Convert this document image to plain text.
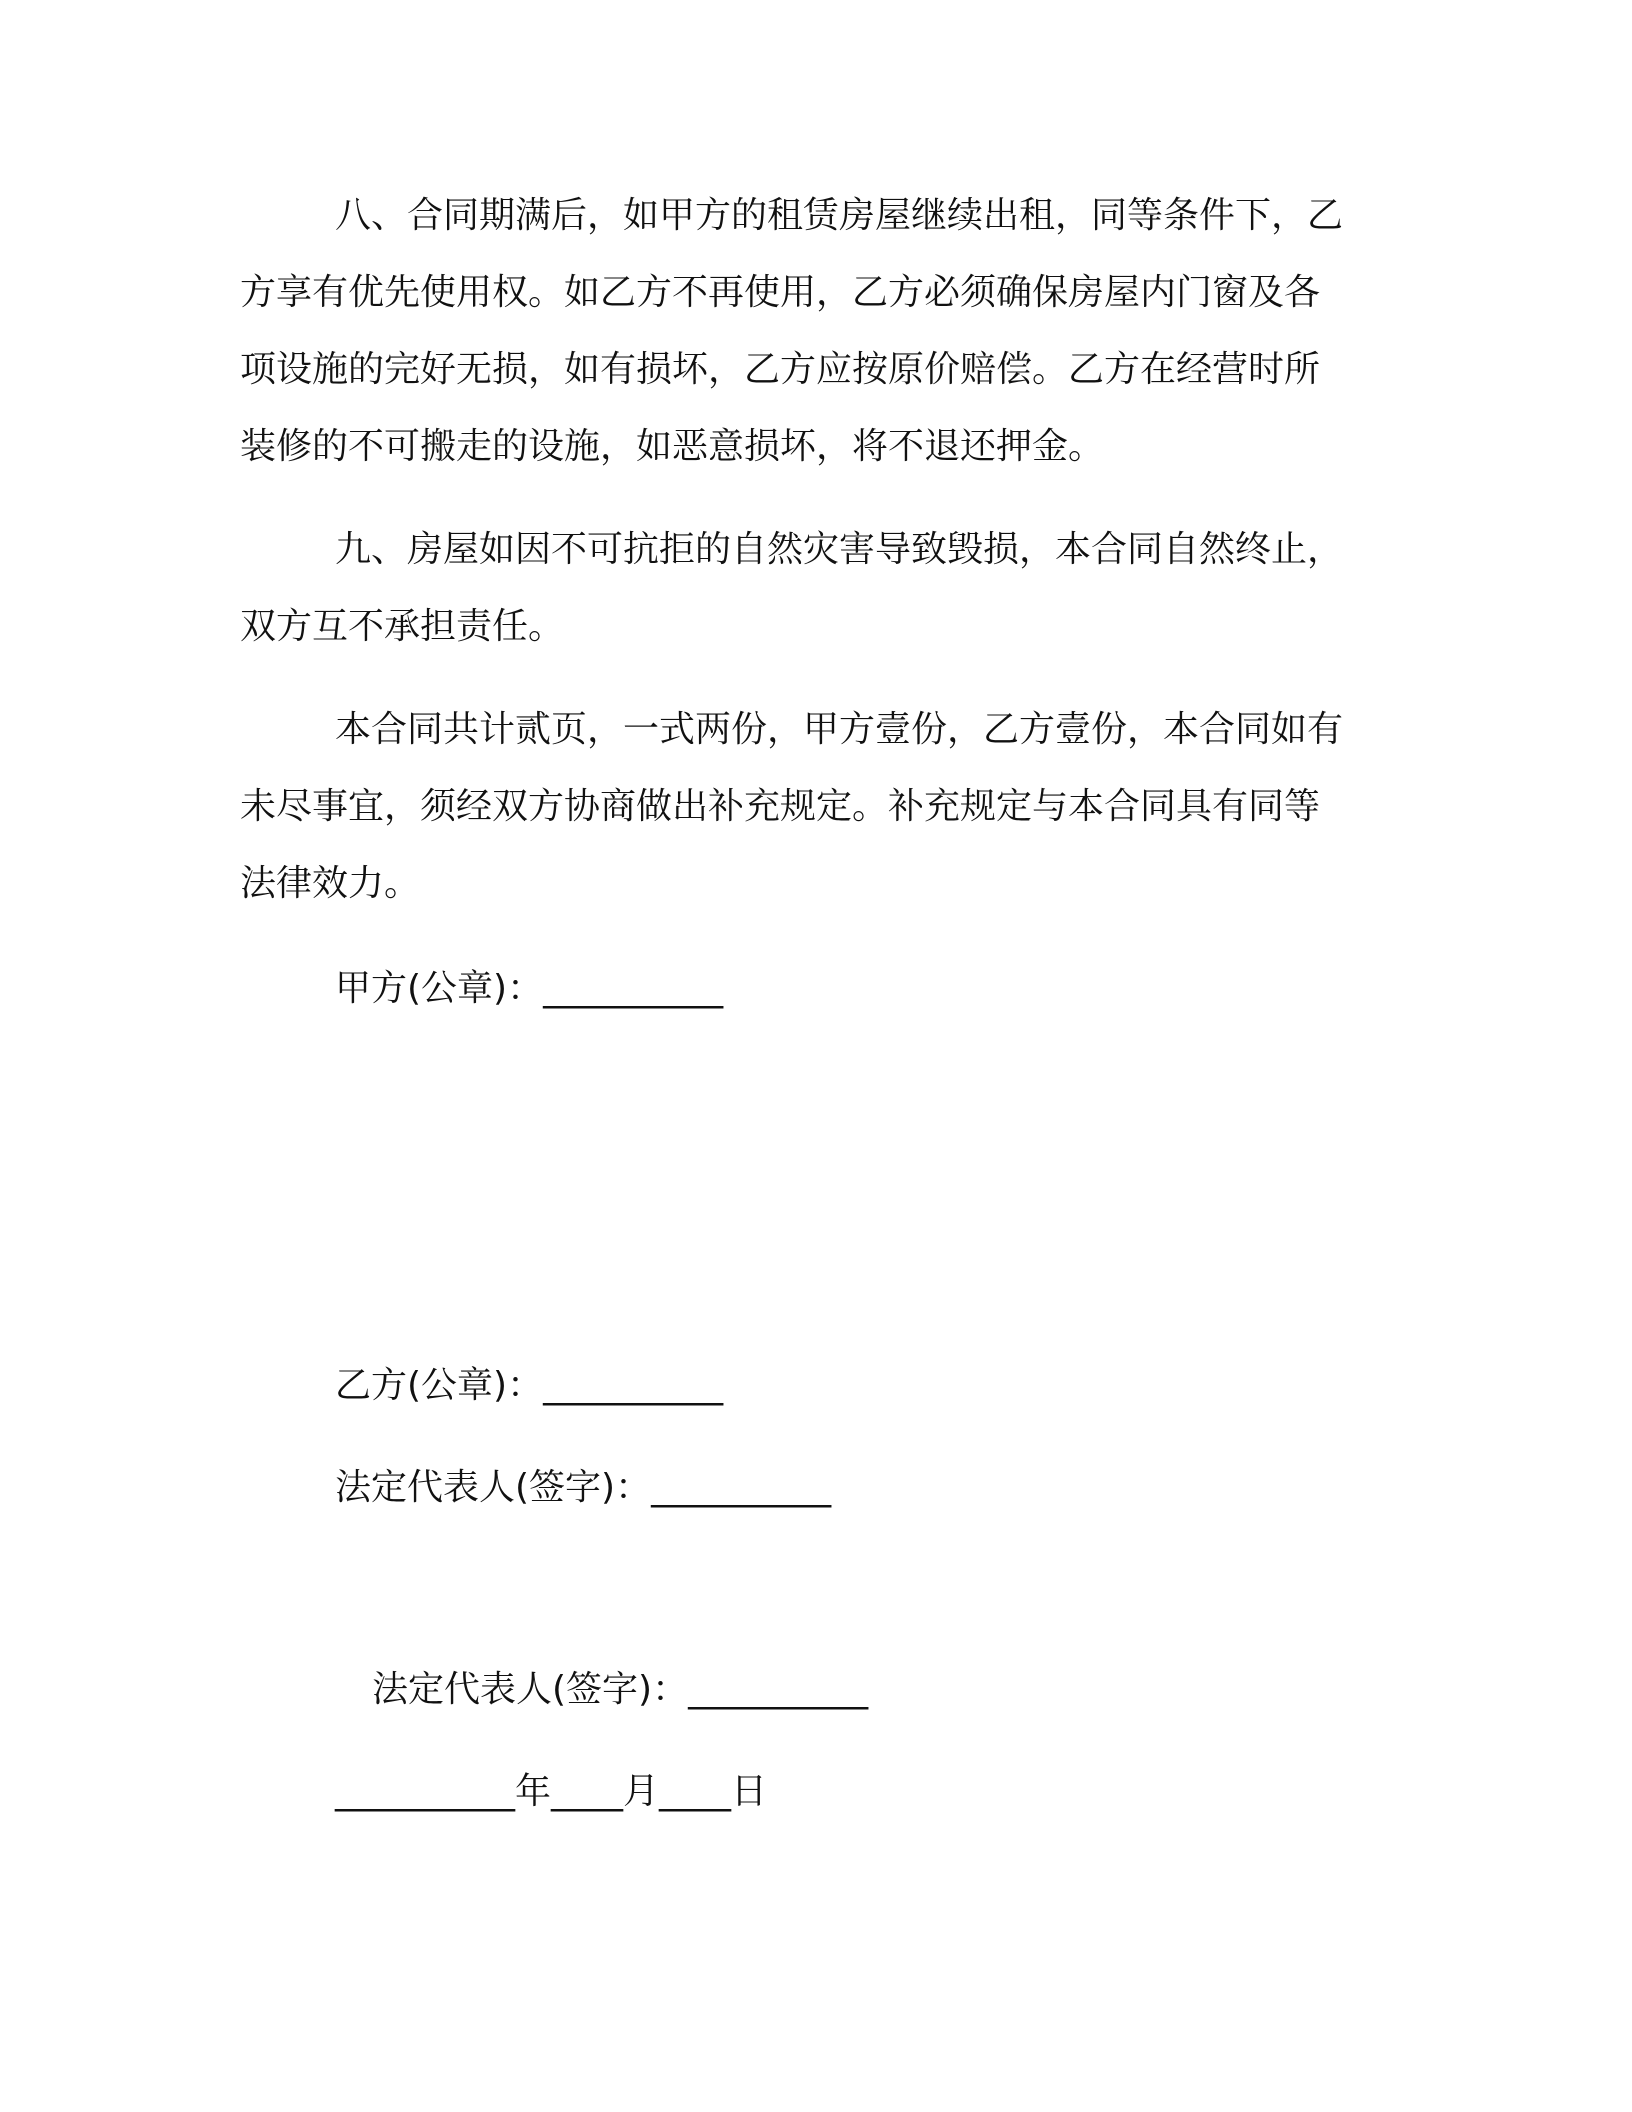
八、合同期满后，如甲方的租赁房屋继续出租，同等条件下，乙
方享有优先使用权。如乙方不再使用，乙方必须确保房屋内门窗及各
项设施的完好无损，如有损坏，乙方应按原价赔偿。乙方在经营时所
装修的不可搬走的设施，如恶意损坏，将不退还押金。
九、房屋如因不可抗拒的自然灾害导致毁损，本合同自然终止，
双方互不承担责任。
本合同共计贰页，一式两份，甲方壹份，乙方壹份，本合同如有
未尽事宜，须经双方协商做出补充规定。补充规定与本合同具有同等
法律效力。
甲方(公章)：__________
乙方(公章)：__________
法定代表人(签字)：__________
法定代表人(签字)：__________
__________年____月____日
